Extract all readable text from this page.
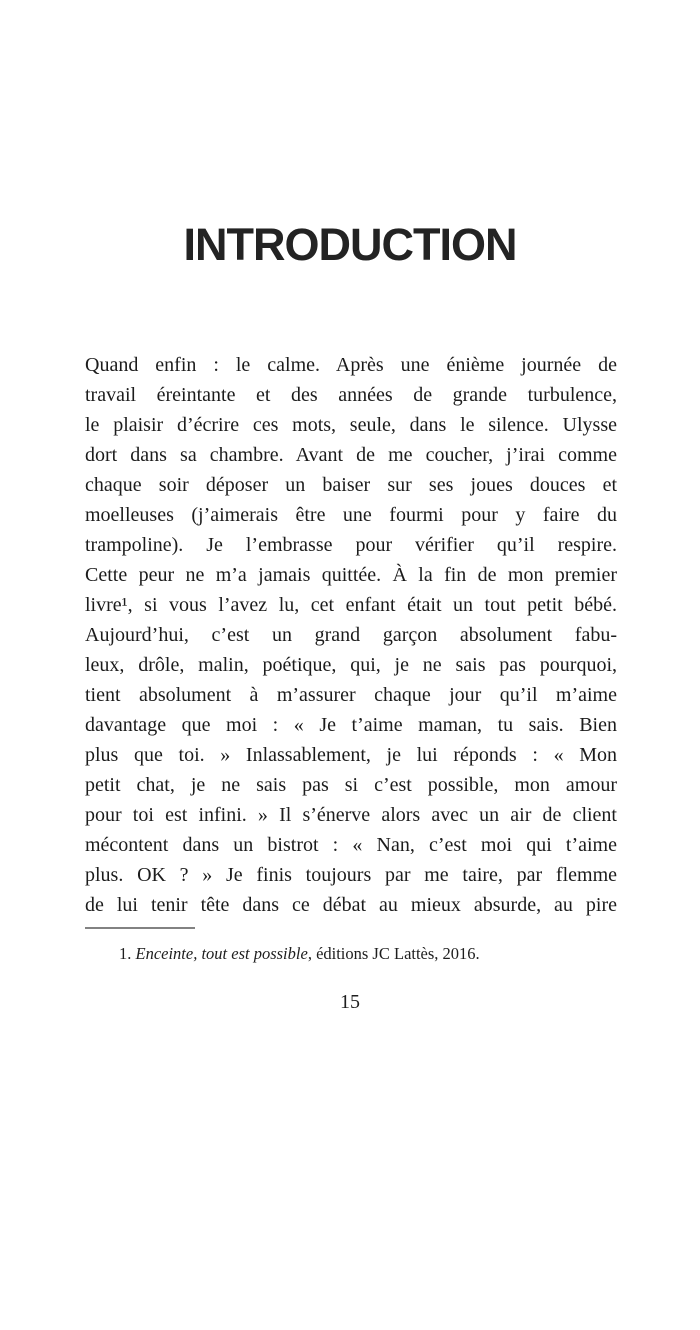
INTRODUCTION
Quand enfin : le calme. Après une énième journée de
travail éreintante et des années de grande turbulence,
le plaisir d’écrire ces mots, seule, dans le silence. Ulysse
dort dans sa chambre. Avant de me coucher, j’irai comme
chaque soir déposer un baiser sur ses joues douces et
moelleuses (j’aimerais être une fourmi pour y faire du
trampoline). Je l’embrasse pour vérifier qu’il respire.
Cette peur ne m’a jamais quittée. À la fin de mon premier
livre¹, si vous l’avez lu, cet enfant était un tout petit bébé.
Aujourd’hui, c’est un grand garçon absolument fabu-
leux, drôle, malin, poétique, qui, je ne sais pas pourquoi,
tient absolument à m’assurer chaque jour qu’il m’aime
davantage que moi : « Je t’aime maman, tu sais. Bien
plus que toi. » Inlassablement, je lui réponds : « Mon
petit chat, je ne sais pas si c’est possible, mon amour
pour toi est infini. » Il s’énerve alors avec un air de client
mécontent dans un bistrot : « Nan, c’est moi qui t’aime
plus. OK ? » Je finis toujours par me taire, par flemme
de lui tenir tête dans ce débat au mieux absurde, au pire

1. Enceinte, tout est possible, éditions JC Lattès, 2016.

15
